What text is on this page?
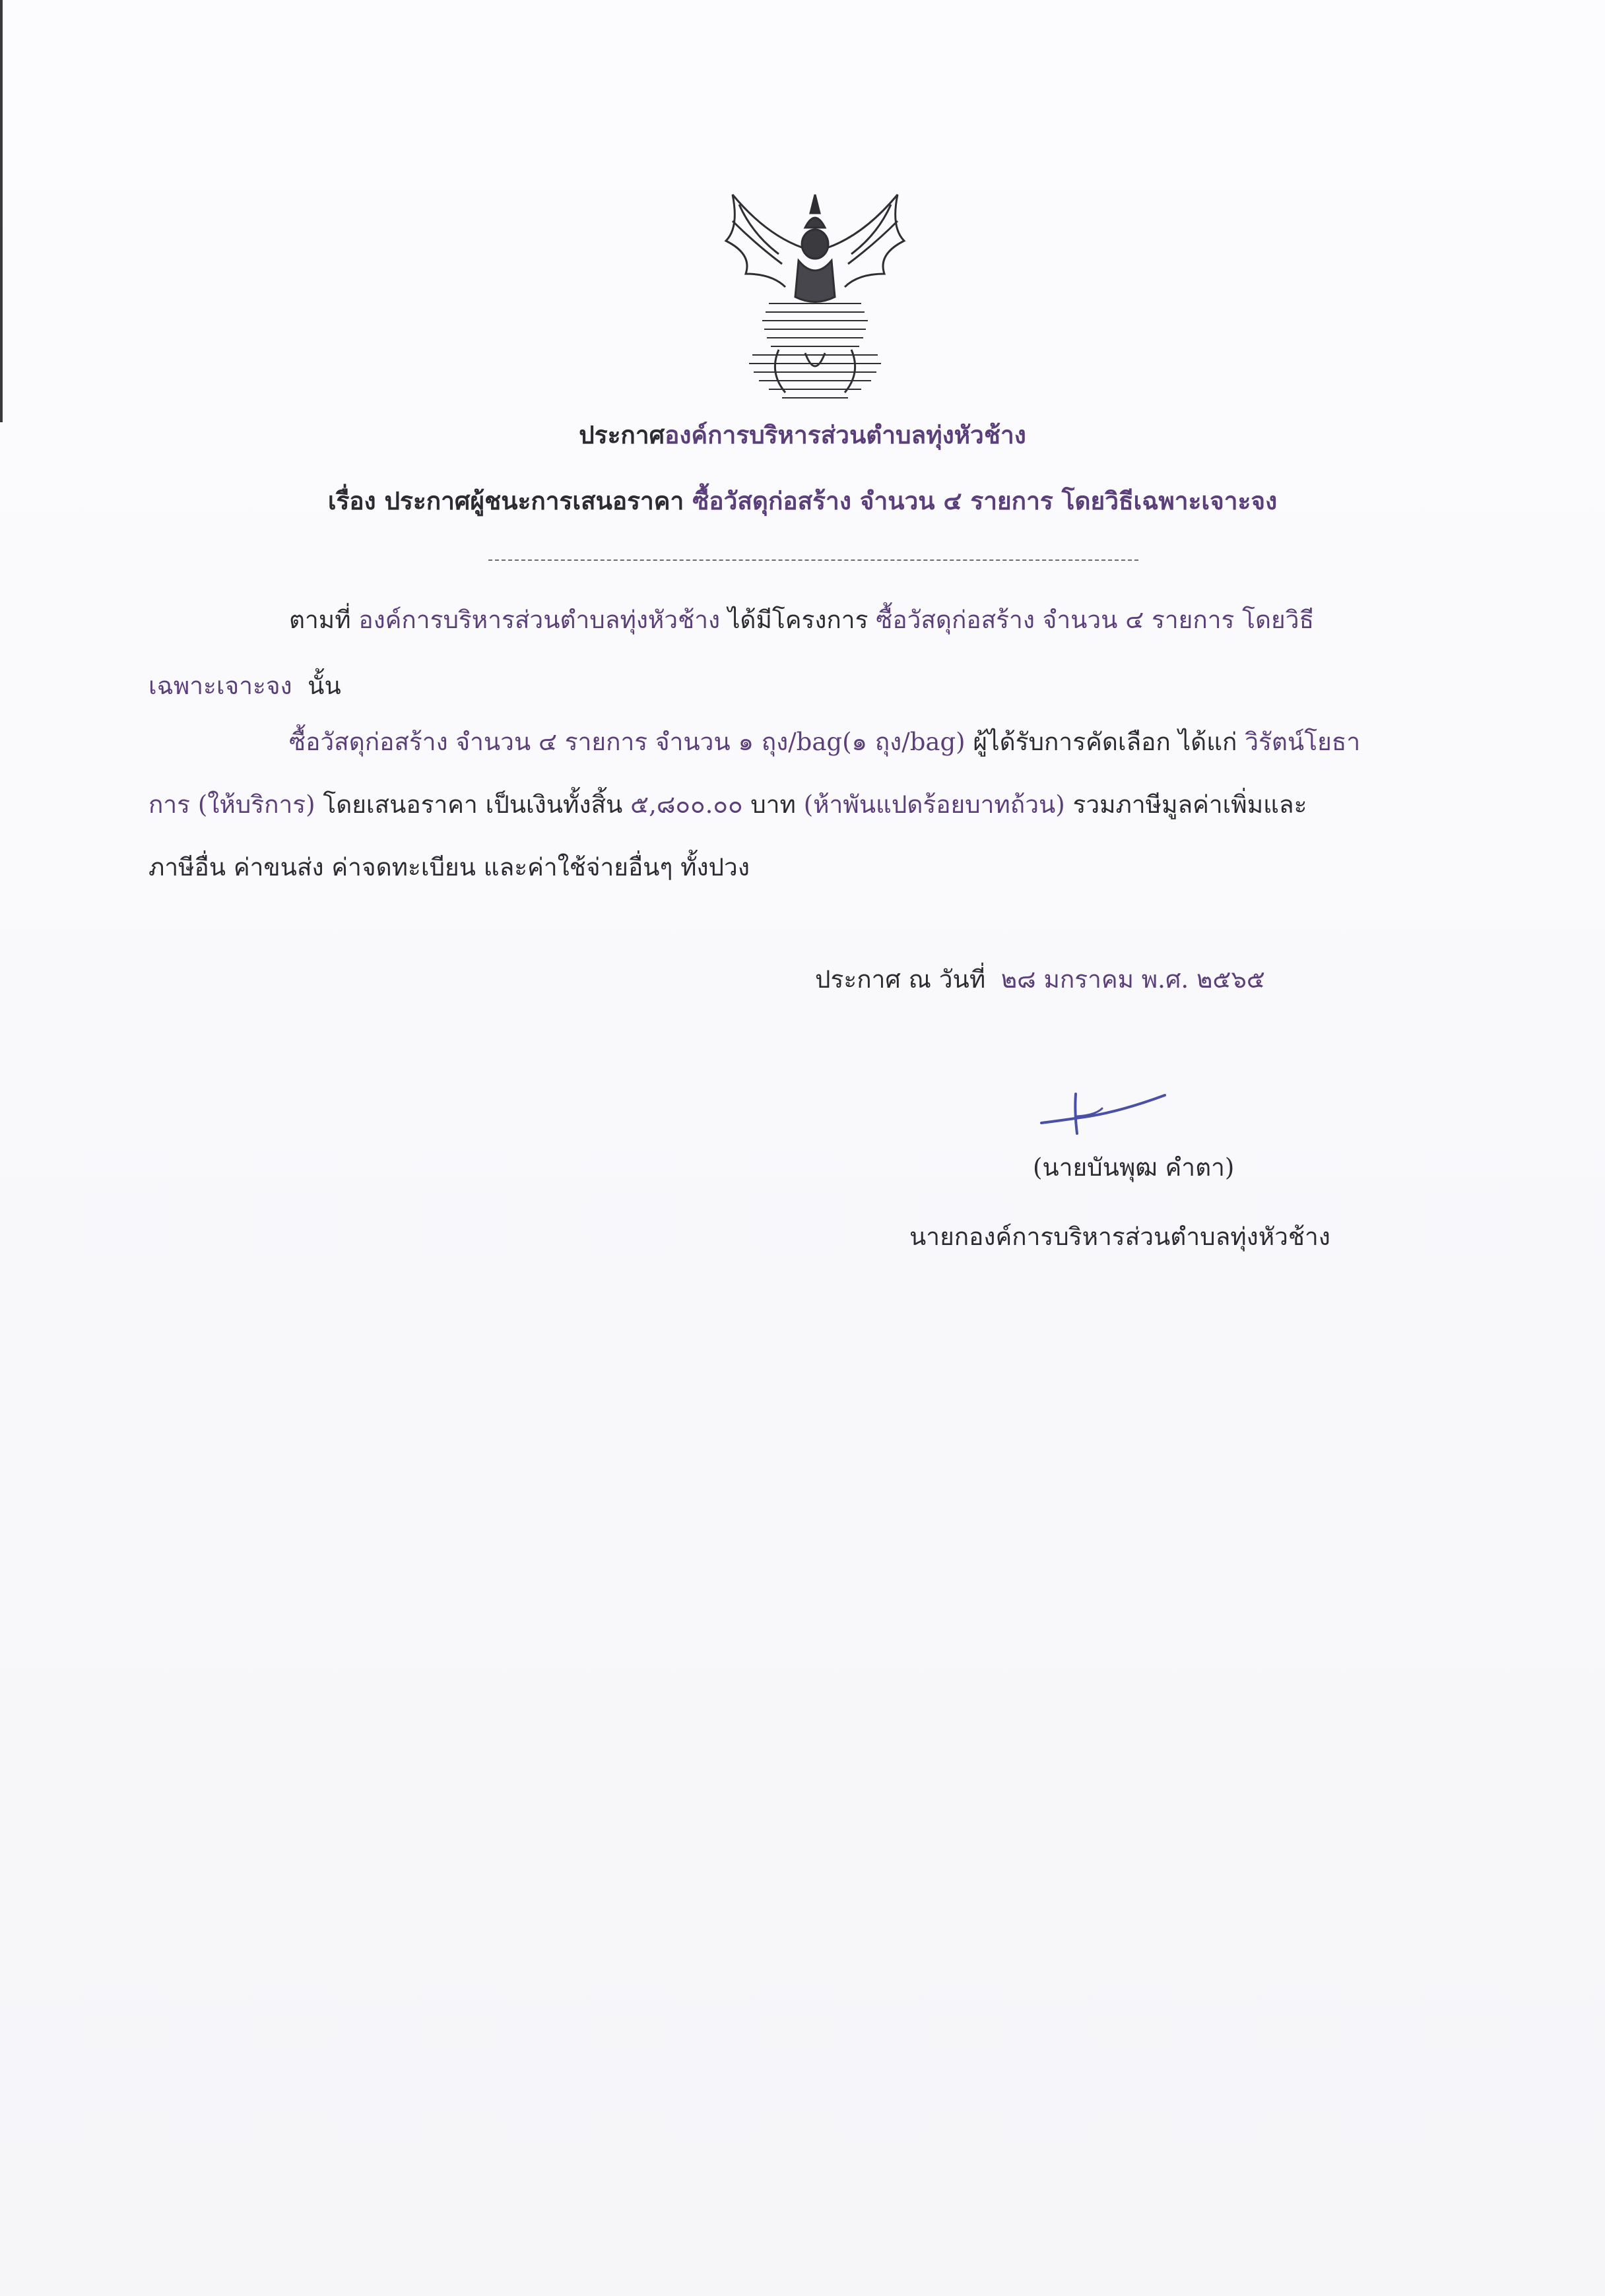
ประกาศองค์การบริหารส่วนตำบลทุ่งหัวช้าง
เรื่อง ประกาศผู้ชนะการเสนอราคา ซื้อวัสดุก่อสร้าง จำนวน ๔ รายการ โดยวิธีเฉพาะเจาะจง
ตามที่ องค์การบริหารส่วนตำบลทุ่งหัวช้าง ได้มีโครงการ ซื้อวัสดุก่อสร้าง จำนวน ๔ รายการ โดยวิธี
เฉพาะเจาะจง นั้น
ซื้อวัสดุก่อสร้าง จำนวน ๔ รายการ จำนวน ๑ ถุง/bag(๑ ถุง/bag) ผู้ได้รับการคัดเลือก ได้แก่ วิรัตน์โยธา
การ (ให้บริการ) โดยเสนอราคา เป็นเงินทั้งสิ้น ๕,๘๐๐.๐๐ บาท (ห้าพันแปดร้อยบาทถ้วน) รวมภาษีมูลค่าเพิ่มและ
ภาษีอื่น ค่าขนส่ง ค่าจดทะเบียน และค่าใช้จ่ายอื่นๆ ทั้งปวง
ประกาศ ณ วันที่ ๒๘ มกราคม พ.ศ. ๒๕๖๕
(นายบันพุฒ คำตา)
นายกองค์การบริหารส่วนตำบลทุ่งหัวช้าง
